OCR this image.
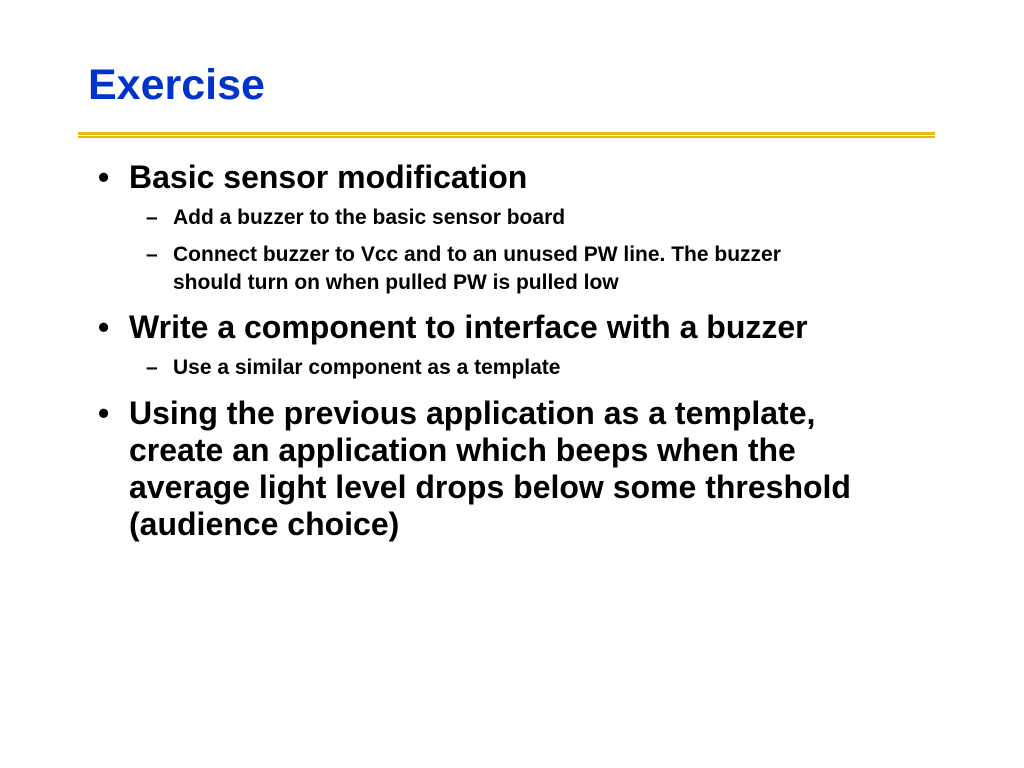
Exercise
• Basic sensor modification
– Add a buzzer to the basic sensor board
– Connect buzzer to Vcc and to an unused PW line. The buzzer
should turn on when pulled PW is pulled low
• Write a component to interface with a buzzer
– Use a similar component as a template
• Using the previous application as a template,
create an application which beeps when the
average light level drops below some threshold
(audience choice)
